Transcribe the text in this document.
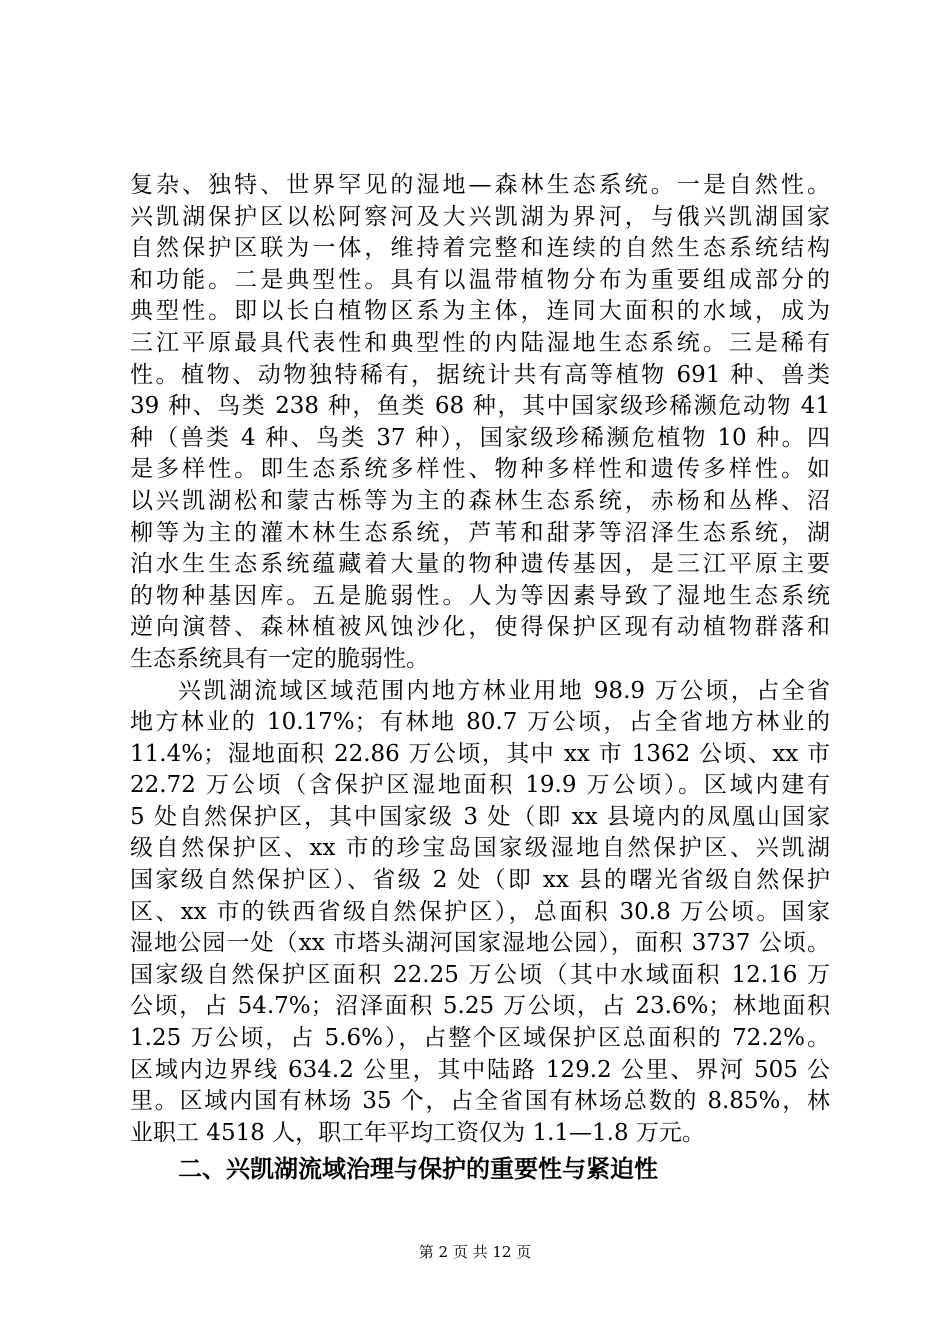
复杂、独特、世界罕见的湿地—森林生态系统。一是自然性。
兴凯湖保护区以松阿察河及大兴凯湖为界河，与俄兴凯湖国家
自然保护区联为一体，维持着完整和连续的自然生态系统结构
和功能。二是典型性。具有以温带植物分布为重要组成部分的
典型性。即以长白植物区系为主体，连同大面积的水域，成为
三江平原最具代表性和典型性的内陆湿地生态系统。三是稀有
性。植物、动物独特稀有，据统计共有高等植物 691 种、兽类
39 种、鸟类 238 种，鱼类 68 种，其中国家级珍稀濒危动物 41
种（兽类 4 种、鸟类 37 种），国家级珍稀濒危植物 10 种。四
是多样性。即生态系统多样性、物种多样性和遗传多样性。如
以兴凯湖松和蒙古栎等为主的森林生态系统，赤杨和丛桦、沼
柳等为主的灌木林生态系统，芦苇和甜茅等沼泽生态系统，湖
泊水生生态系统蕴藏着大量的物种遗传基因，是三江平原主要
的物种基因库。五是脆弱性。人为等因素导致了湿地生态系统
逆向演替、森林植被风蚀沙化，使得保护区现有动植物群落和
生态系统具有一定的脆弱性。
兴凯湖流域区域范围内地方林业用地 98.9 万公顷，占全省
地方林业的 10.17%；有林地 80.7 万公顷，占全省地方林业的
11.4%；湿地面积 22.86 万公顷，其中 xx 市 1362 公顷、xx 市
22.72 万公顷（含保护区湿地面积 19.9 万公顷）。区域内建有
5 处自然保护区，其中国家级 3 处（即 xx 县境内的凤凰山国家
级自然保护区、xx 市的珍宝岛国家级湿地自然保护区、兴凯湖
国家级自然保护区）、省级 2 处（即 xx 县的曙光省级自然保护
区、xx 市的铁西省级自然保护区），总面积 30.8 万公顷。国家
湿地公园一处（xx 市塔头湖河国家湿地公园），面积 3737 公顷。
国家级自然保护区面积 22.25 万公顷（其中水域面积 12.16 万
公顷，占 54.7%；沼泽面积 5.25 万公顷，占 23.6%；林地面积
1.25 万公顷，占 5.6%），占整个区域保护区总面积的 72.2%。
区域内边界线 634.2 公里，其中陆路 129.2 公里、界河 505 公
里。区域内国有林场 35 个，占全省国有林场总数的 8.85%，林
业职工 4518 人，职工年平均工资仅为 1.1—1.8 万元。
二、兴凯湖流域治理与保护的重要性与紧迫性
第 2 页 共 12 页
